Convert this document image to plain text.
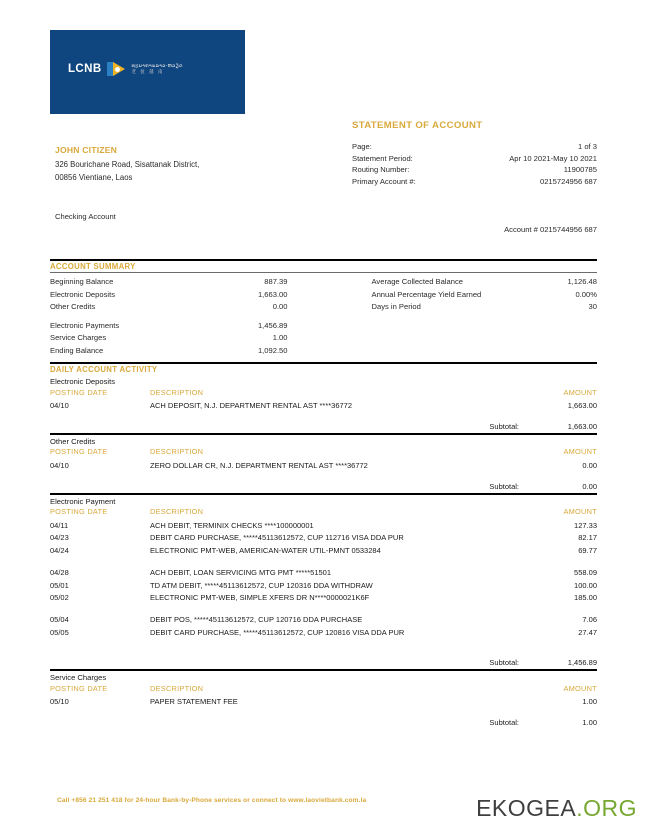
LCNB	ທະນາຄານລາວ-ຫວຽດ
老 挝 越 南
STATEMENT OF ACCOUNT
Page:	1 of 3
Statement Period:	Apr 10 2021-May 10 2021
Routing Number:	11900785
Primary Account #:	0215724956 687
JOHN CITIZEN
326 Bourichane Road, Sisattanak District,
00856 Vientiane, Laos
Checking Account
Account # 0215744956 687
ACCOUNT SUMMARY
Beginning Balance	887.39
Electronic Deposits	1,663.00
Other Credits	0.00
Electronic Payments	1,456.89
Service Charges	1.00
Ending Balance	1,092.50
Average Collected Balance	1,126.48
Annual Percentage Yield Earned	0.00%
Days in Period	30
DAILY ACCOUNT ACTIVITY
Electronic Deposits
POSTING DATE	DESCRIPTION	AMOUNT
04/10	ACH DEPOSIT, N.J. DEPARTMENT RENTAL AST ****36772	1,663.00
	Subtotal:	1,663.00
Other Credits
POSTING DATE	DESCRIPTION	AMOUNT
04/10	ZERO DOLLAR CR, N.J. DEPARTMENT RENTAL AST ****36772	0.00
	Subtotal:	0.00
Electronic Payment
POSTING DATE	DESCRIPTION	AMOUNT
04/11	ACH DEBIT, TERMINIX CHECKS ****100000001	127.33
04/23	DEBIT CARD PURCHASE, *****45113612572, CUP 112716 VISA DDA PUR	82.17
04/24	ELECTRONIC PMT-WEB, AMERICAN-WATER UTIL-PMNT 0533284	69.77

04/28	ACH DEBIT, LOAN SERVICING MTG PMT *****51501	558.09
05/01	TD ATM DEBIT, *****45113612572, CUP 120316 DDA WITHDRAW	100.00
05/02	ELECTRONIC PMT-WEB, SIMPLE XFERS DR N****0000021K6F	185.00

05/04	DEBIT POS, *****45113612572, CUP 120716 DDA PURCHASE	7.06
05/05	DEBIT CARD PURCHASE, *****45113612572, CUP 120816 VISA DDA PUR	27.47

	Subtotal:	1,456.89
Service Charges
POSTING DATE	DESCRIPTION	AMOUNT
05/10	PAPER STATEMENT FEE	1.00
	Subtotal:	1.00
Call +856 21 251 418 for 24-hour Bank-by-Phone services or connect to www.laovietbank.com.la	EKOGEA.ORG
